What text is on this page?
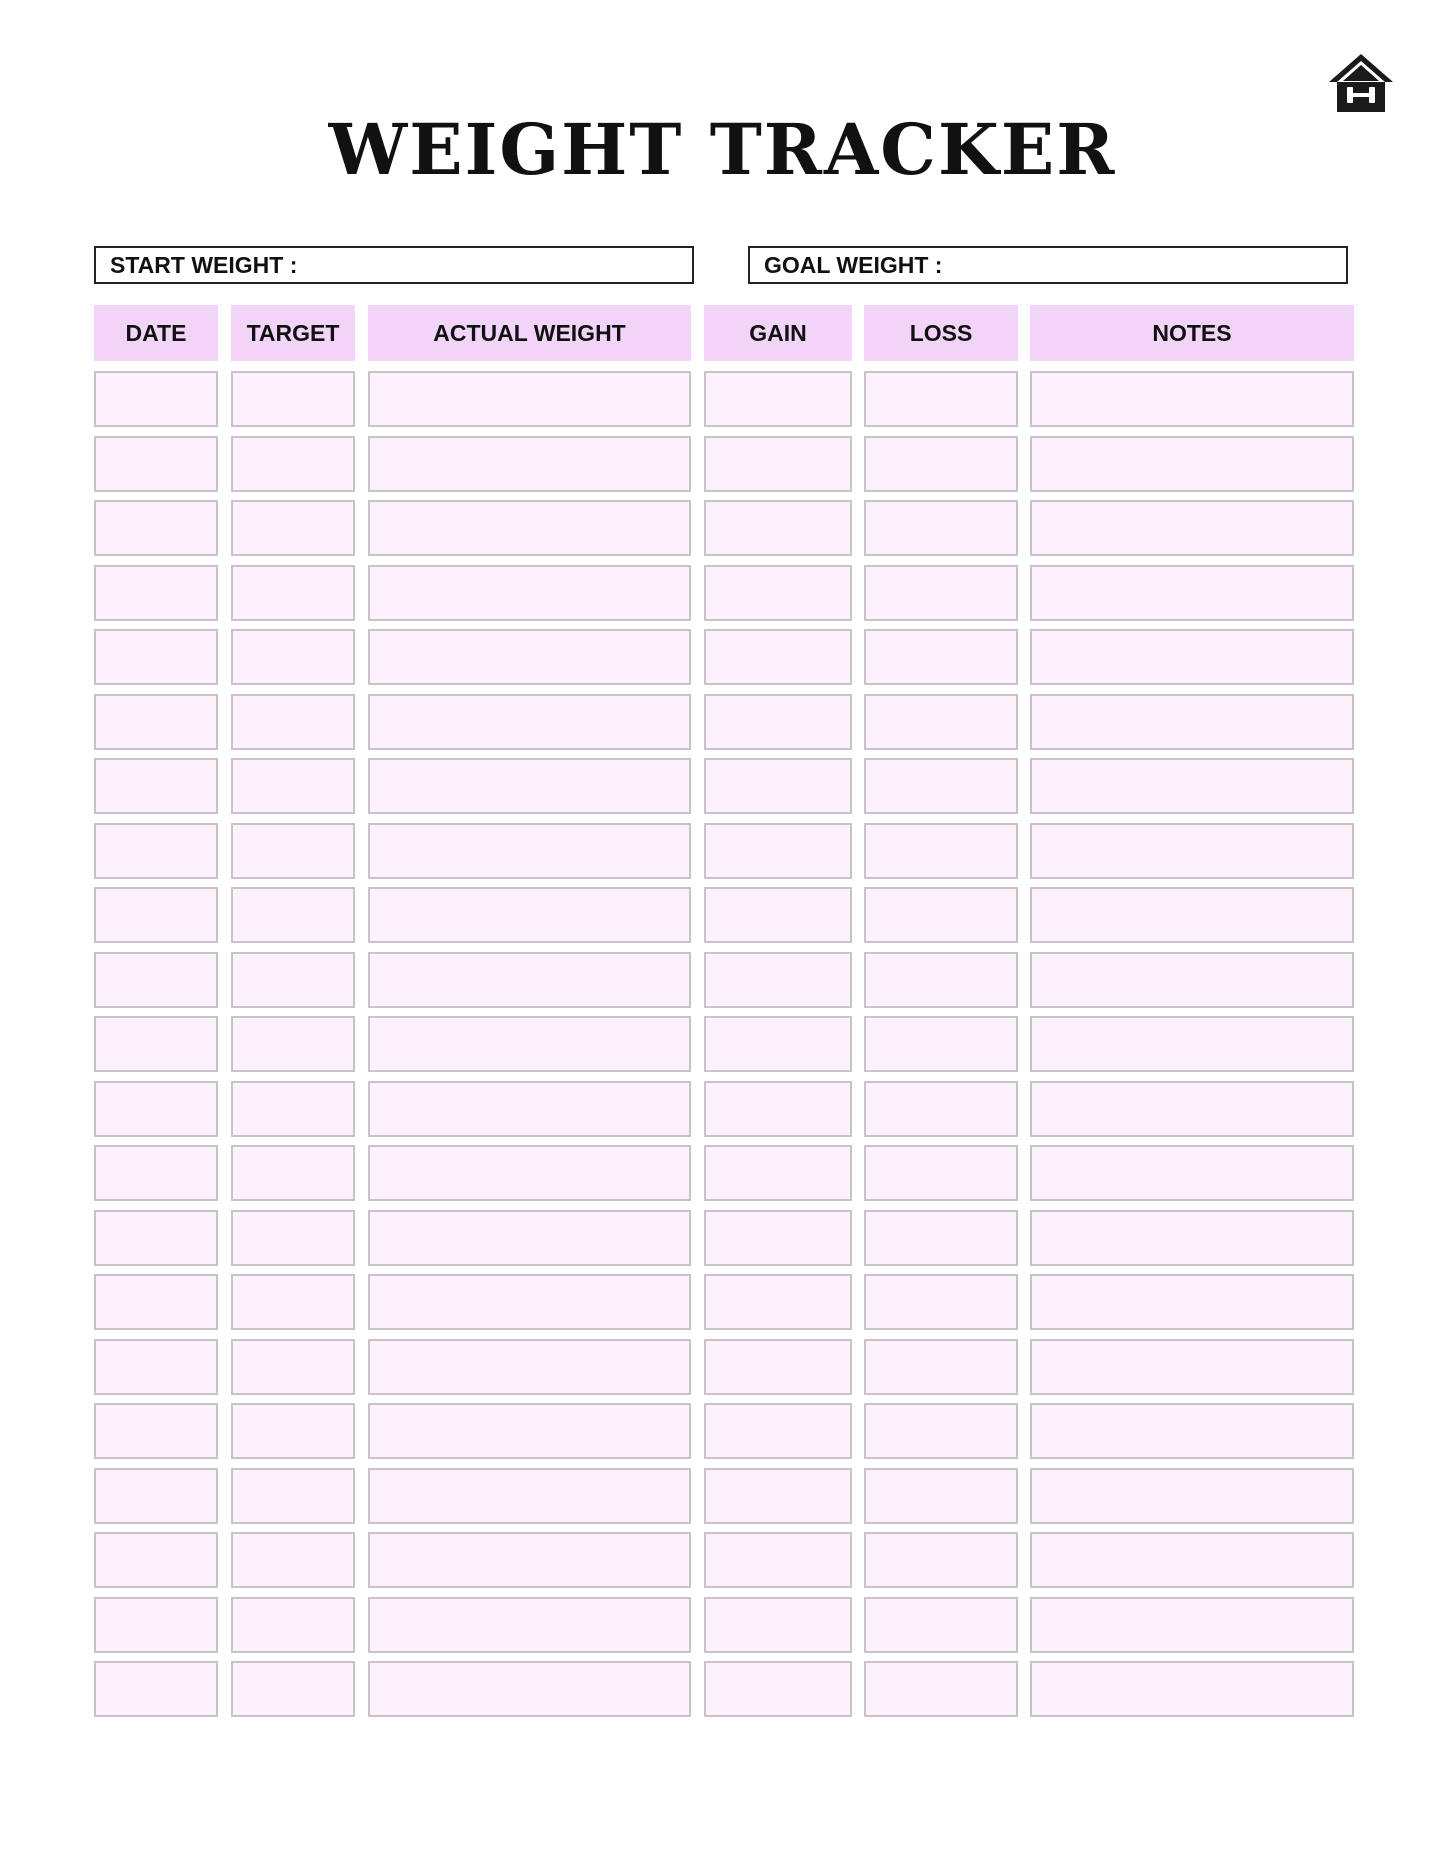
WEIGHT TRACKER
START WEIGHT :	GOAL WEIGHT :
DATE	TARGET	ACTUAL WEIGHT	GAIN	LOSS	NOTES
